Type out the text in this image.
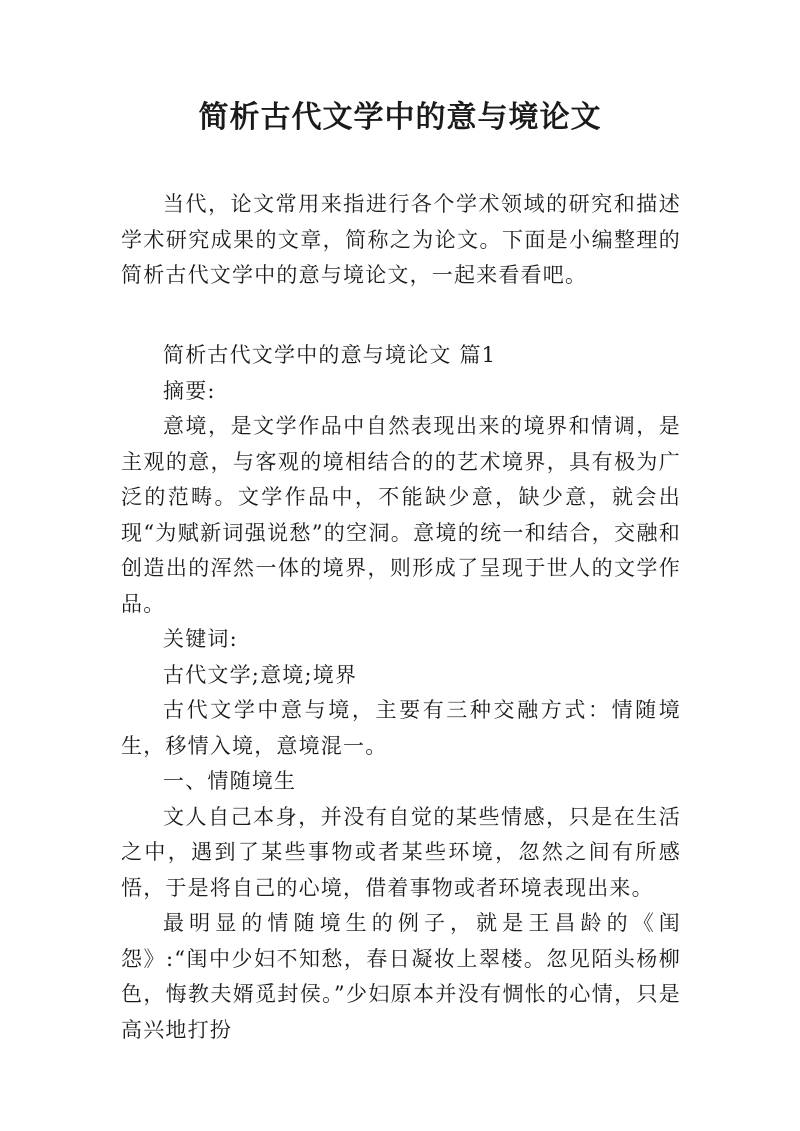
简析古代文学中的意与境论文

当代，论文常用来指进行各个学术领域的研究和描述学术研究成果的文章，简称之为论文。下面是小编整理的简析古代文学中的意与境论文，一起来看看吧。

简析古代文学中的意与境论文 篇1

摘要:

意境，是文学作品中自然表现出来的境界和情调，是主观的意，与客观的境相结合的的艺术境界，具有极为广泛的范畴。文学作品中，不能缺少意，缺少意，就会出现“为赋新词强说愁”的空洞。意境的统一和结合，交融和创造出的浑然一体的境界，则形成了呈现于世人的文学作品。

关键词:

古代文学;意境;境界

古代文学中意与境，主要有三种交融方式：情随境生，移情入境，意境混一。

一、情随境生

文人自己本身，并没有自觉的某些情感，只是在生活之中，遇到了某些事物或者某些环境，忽然之间有所感悟，于是将自己的心境，借着事物或者环境表现出来。

最明显的情随境生的例子，就是王昌龄的《闺怨》:“闺中少妇不知愁，春日凝妆上翠楼。忽见陌头杨柳色，悔教夫婿觅封侯。”少妇原本并没有惆怅的心情，只是高兴地打扮
